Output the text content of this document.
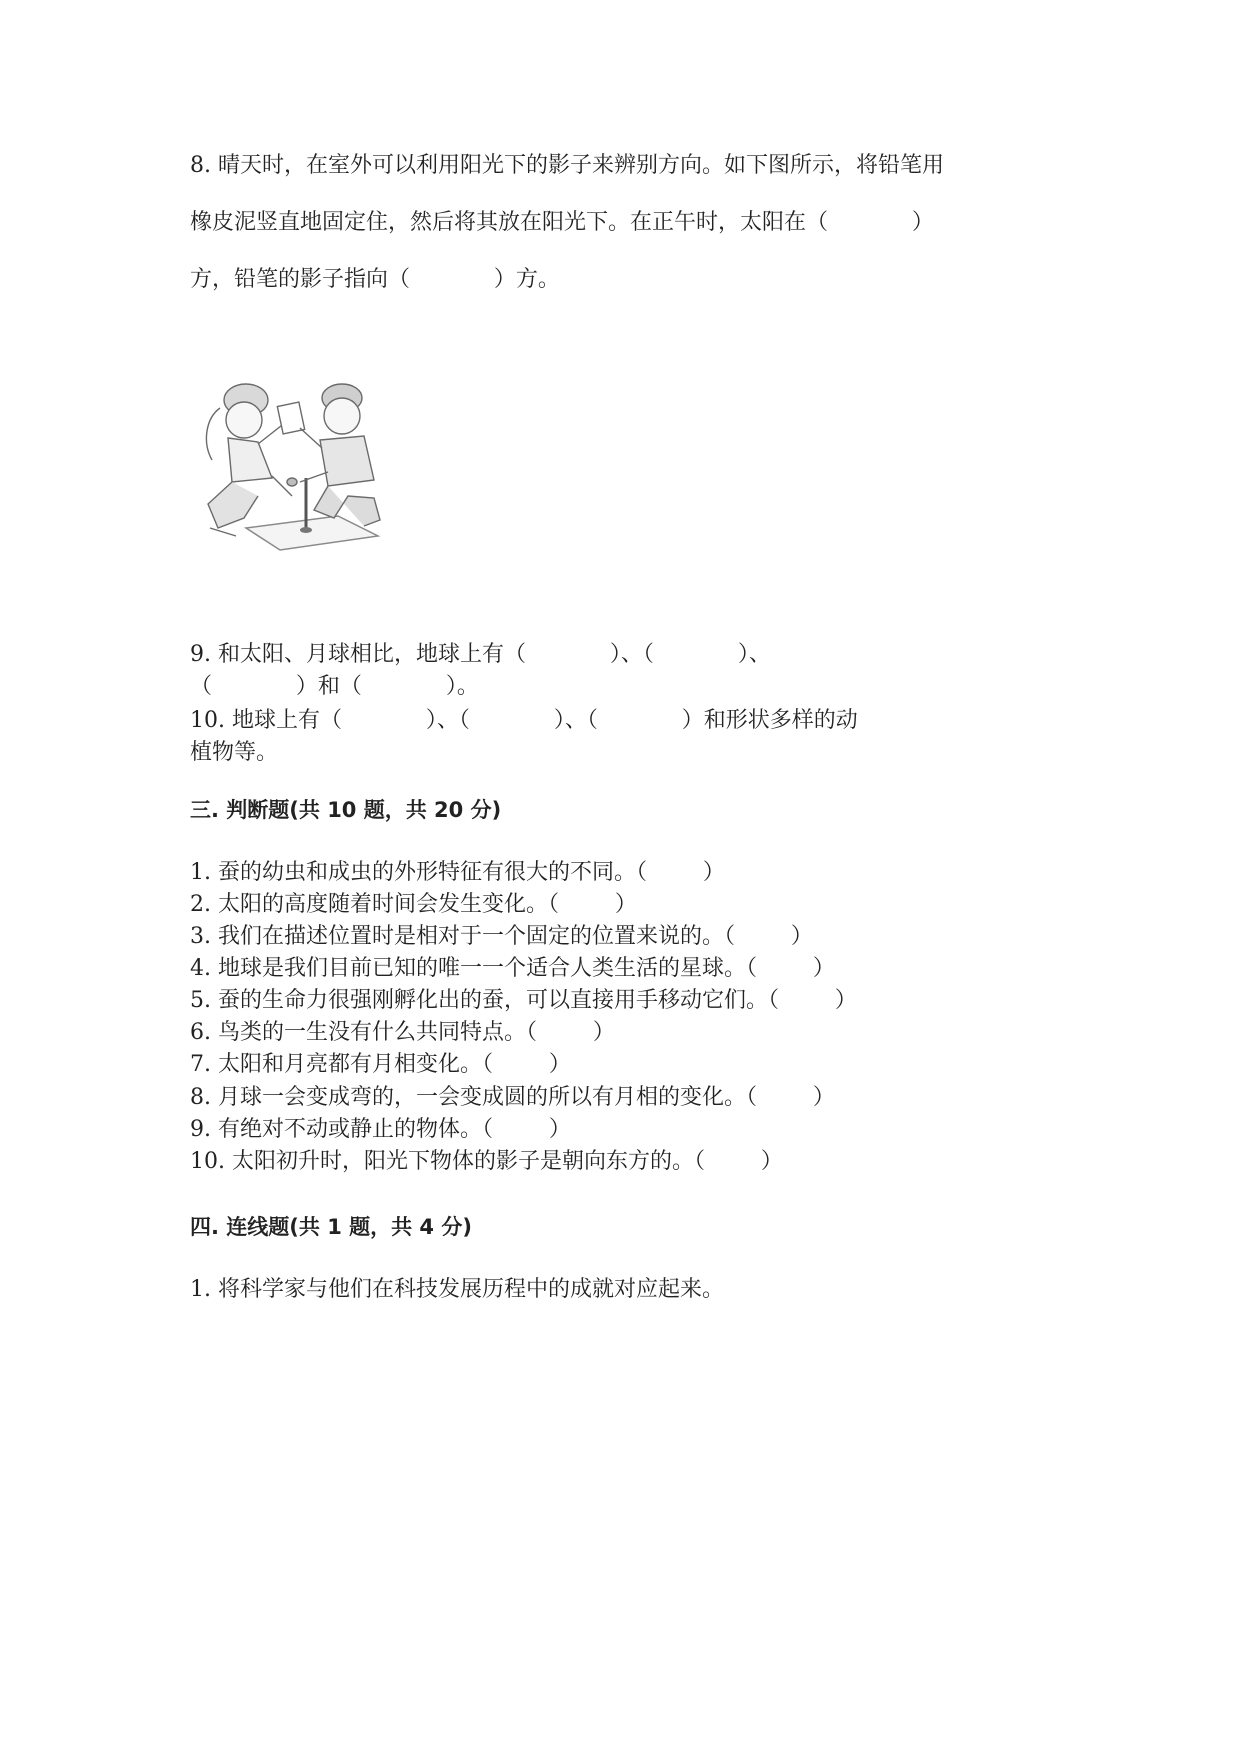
8. 晴天时，在室外可以利用阳光下的影子来辨别方向。如下图所示，将铅笔用
橡皮泥竖直地固定住，然后将其放在阳光下。在正午时，太阳在（            ）
方，铅笔的影子指向（            ）方。
9. 和太阳、月球相比，地球上有（            ）、（            ）、
（            ）和（            ）。
10. 地球上有（            ）、（            ）、（            ）和形状多样的动
植物等。
三. 判断题(共 10 题，共 20 分)
1. 蚕的幼虫和成虫的外形特征有很大的不同。（        ）
2. 太阳的高度随着时间会发生变化。（        ）
3. 我们在描述位置时是相对于一个固定的位置来说的。（        ）
4. 地球是我们目前已知的唯一一个适合人类生活的星球。（        ）
5. 蚕的生命力很强刚孵化出的蚕，可以直接用手移动它们。（        ）
6. 鸟类的一生没有什么共同特点。（        ）
7. 太阳和月亮都有月相变化。（        ）
8. 月球一会变成弯的，一会变成圆的所以有月相的变化。（        ）
9. 有绝对不动或静止的物体。（        ）
10. 太阳初升时，阳光下物体的影子是朝向东方的。（        ）
四. 连线题(共 1 题，共 4 分)
1. 将科学家与他们在科技发展历程中的成就对应起来。
